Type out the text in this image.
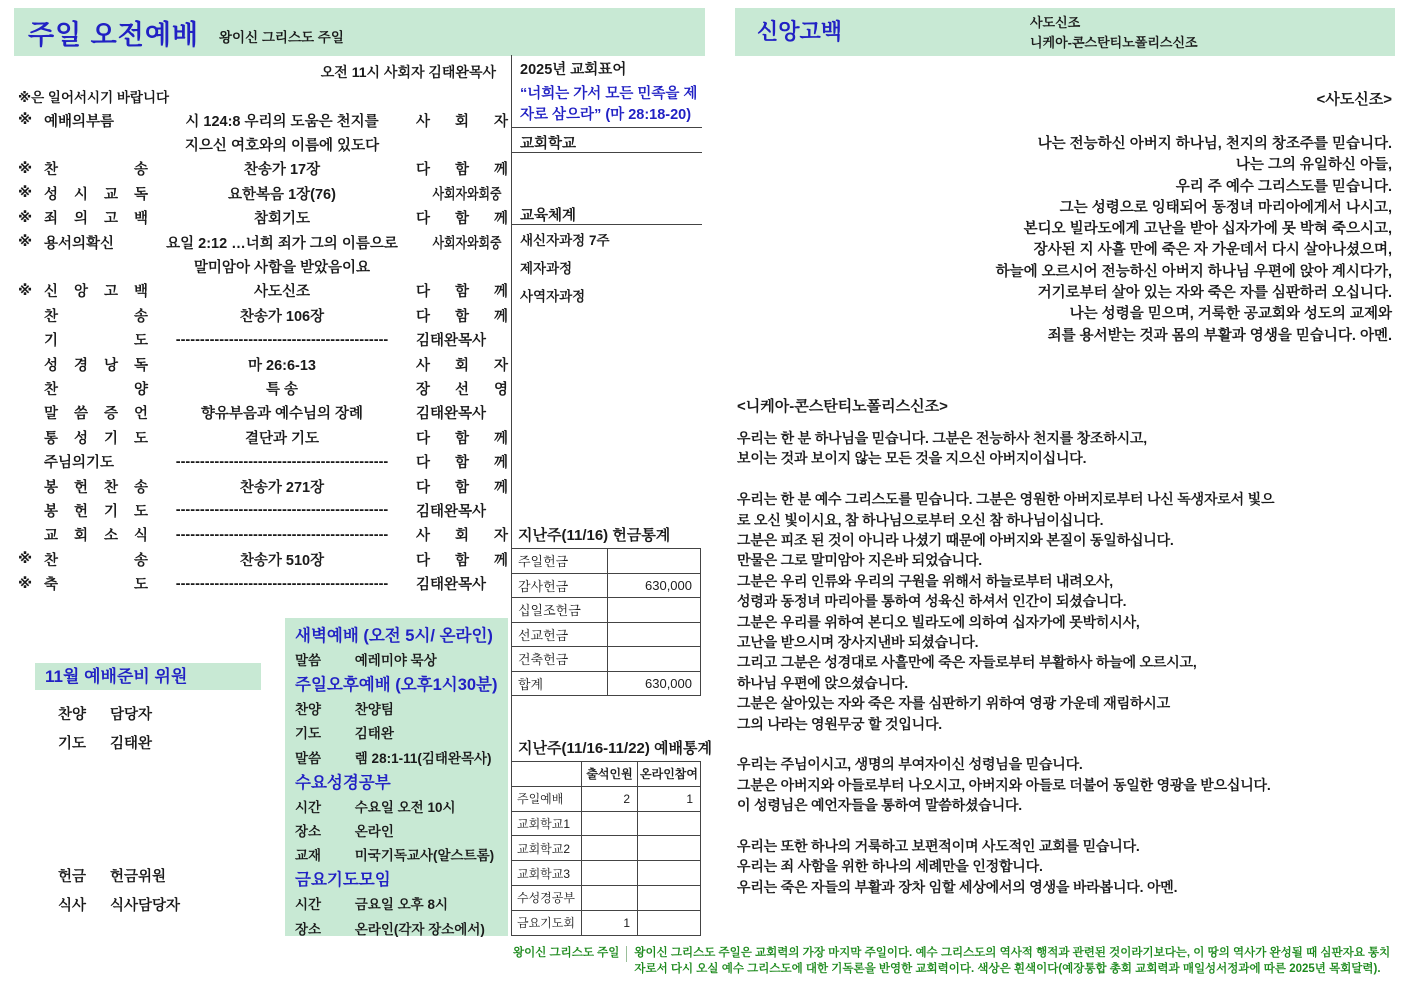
주일 오전예배 왕이신 그리스도 주일
오전 11시 사회자 김태완목사
※은 일어서시기 바랍니다
※ 예배의부름	시 124:8 우리의 도움은 천지를	사 회 자
지으신 여호와의 이름에 있도다
※ 찬 송	찬송가 17장	다 함 께
※ 성 시 교 독	요한복음 1장(76)	사회자와회중
※ 죄 의 고 백	참회기도	다 함 께
※ 용서의확신	요일 2:12 …너희 죄가 그의 이름으로	사회자와회중
말미암아 사함을 받았음이요
※ 신 앙 고 백	사도신조	다 함 께
찬 송	찬송가 106장	다 함 께
기 도	--------------------------------------------	김태완목사
성 경 낭 독	마 26:6-13	사 회 자
찬 양	특 송	장 선 영
말 씀 증 언	향유부음과 예수님의 장례	김태완목사
통 성 기 도	결단과 기도	다 함 께
주님의기도	--------------------------------------------	다 함 께
봉 헌 찬 송	찬송가 271장	다 함 께
봉 헌 기 도	--------------------------------------------	김태완목사
교 회 소 식	--------------------------------------------	사 회 자
※ 찬 송	찬송가 510장	다 함 께
※ 축 도	--------------------------------------------	김태완목사
11월 예배준비 위원
찬양	담당자
기도	김태완
헌금	헌금위원
식사	식사담당자
새벽예배 (오전 5시/ 온라인)
말씀 예레미야 묵상
주일오후예배 (오후1시30분)
찬양 찬양팀
기도 김태완
말씀 렘 28:1-11(김태완목사)
수요성경공부
시간 수요일 오전 10시
장소 온라인
교재 미국기독교사(알스트롬)
금요기도모임
시간 금요일 오후 8시
장소 온라인(각자 장소에서)
2025년 교회표어
“너희는 가서 모든 민족을 제자로 삼으라” (마 28:18-20)
교회학교
교육체계
새신자과정 7주
제자과정
사역자과정
지난주(11/16) 헌금통계
주일헌금
감사헌금	630,000
십일조헌금
선교헌금
건축헌금
합계	630,000
지난주(11/16-11/22) 예배통계
출석인원 온라인참여
주일예배	2	1
교회학교1
교회학교2
교회학교3
수성경공부
금요기도회	1
신앙고백	사도신조
니케아-콘스탄티노폴리스신조
<사도신조>
나는 전능하신 아버지 하나님, 천지의 창조주를 믿습니다.
나는 그의 유일하신 아들,
우리 주 예수 그리스도를 믿습니다.
그는 성령으로 잉태되어 동정녀 마리아에게서 나시고,
본디오 빌라도에게 고난을 받아 십자가에 못 박혀 죽으시고,
장사된 지 사흘 만에 죽은 자 가운데서 다시 살아나셨으며,
하늘에 오르시어 전능하신 아버지 하나님 우편에 앉아 계시다가,
거기로부터 살아 있는 자와 죽은 자를 심판하러 오십니다.
나는 성령을 믿으며, 거룩한 공교회와 성도의 교제와
죄를 용서받는 것과 몸의 부활과 영생을 믿습니다. 아멘.
<니케아-콘스탄티노폴리스신조>
우리는 한 분 하나님을 믿습니다. 그분은 전능하사 천지를 창조하시고,
보이는 것과 보이지 않는 모든 것을 지으신 아버지이십니다.
우리는 한 분 예수 그리스도를 믿습니다. 그분은 영원한 아버지로부터 나신 독생자로서 빛으
로 오신 빛이시요, 참 하나님으로부터 오신 참 하나님이십니다.
그분은 피조 된 것이 아니라 나셨기 때문에 아버지와 본질이 동일하십니다.
만물은 그로 말미암아 지은바 되었습니다.
그분은 우리 인류와 우리의 구원을 위해서 하늘로부터 내려오사,
성령과 동정녀 마리아를 통하여 성육신 하셔서 인간이 되셨습니다.
그분은 우리를 위하여 본디오 빌라도에 의하여 십자가에 못박히시사,
고난을 받으시며 장사지낸바 되셨습니다.
그리고 그분은 성경대로 사흘만에 죽은 자들로부터 부활하사 하늘에 오르시고,
하나님 우편에 앉으셨습니다.
그분은 살아있는 자와 죽은 자를 심판하기 위하여 영광 가운데 재림하시고
그의 나라는 영원무궁 할 것입니다.
우리는 주님이시고, 생명의 부여자이신 성령님을 믿습니다.
그분은 아버지와 아들로부터 나오시고, 아버지와 아들로 더불어 동일한 영광을 받으십니다.
이 성령님은 예언자들을 통하여 말씀하셨습니다.
우리는 또한 하나의 거룩하고 보편적이며 사도적인 교회를 믿습니다.
우리는 죄 사함을 위한 하나의 세례만을 인정합니다.
우리는 죽은 자들의 부활과 장차 임할 세상에서의 영생을 바라봅니다. 아멘.
왕이신 그리스도 주일	왕이신 그리스도 주일은 교회력의 가장 마지막 주일이다. 예수 그리스도의 역사적 행적과 관련된 것이라기보다는, 이 땅의 역사가 완성될 때 심판자요 통치자로서 다시 오실 예수 그리스도에 대한 기독론을 반영한 교회력이다. 색상은 흰색이다(예장통합 총회 교회력과 매일성서정과에 따른 2025년 목회달력).
